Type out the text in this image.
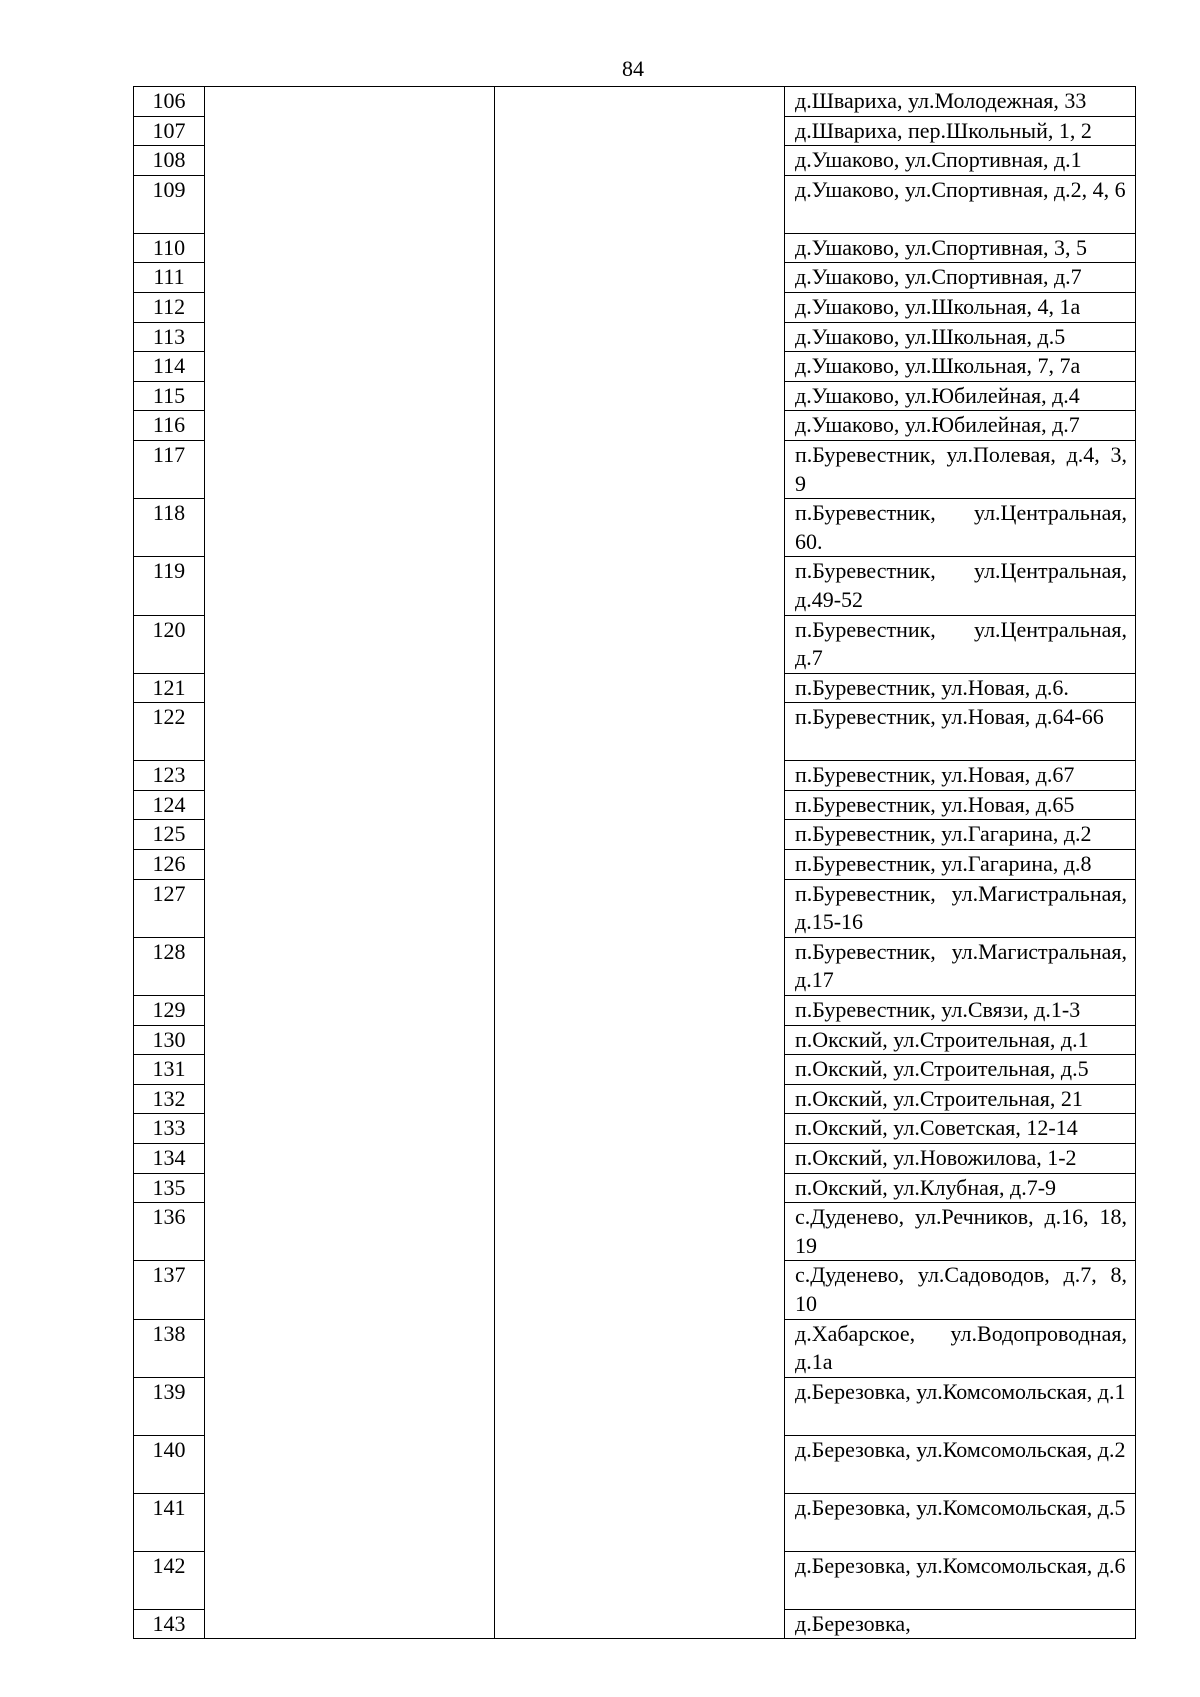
84
106			д.Швариха, ул.Молодежная, 33
107			д.Швариха, пер.Школьный, 1, 2
108			д.Ушаково, ул.Спортивная, д.1
109			д.Ушаково, ул.Спортивная, д.2, 4, 6
110			д.Ушаково, ул.Спортивная, 3, 5
111			д.Ушаково, ул.Спортивная, д.7
112			д.Ушаково, ул.Школьная, 4, 1а
113			д.Ушаково, ул.Школьная, д.5
114			д.Ушаково, ул.Школьная, 7, 7а
115			д.Ушаково, ул.Юбилейная, д.4
116			д.Ушаково, ул.Юбилейная, д.7
117			п.Буревестник, ул.Полевая, д.4, 3, 9
118			п.Буревестник, ул.Центральная, 60.
119			п.Буревестник, ул.Центральная, д.49-52
120			п.Буревестник, ул.Центральная, д.7
121			п.Буревестник, ул.Новая, д.6.
122			п.Буревестник, ул.Новая, д.64-66
123			п.Буревестник, ул.Новая, д.67
124			п.Буревестник, ул.Новая, д.65
125			п.Буревестник, ул.Гагарина, д.2
126			п.Буревестник, ул.Гагарина, д.8
127			п.Буревестник, ул.Магистральная, д.15-16
128			п.Буревестник, ул.Магистральная, д.17
129			п.Буревестник, ул.Связи, д.1-3
130			п.Окский, ул.Строительная, д.1
131			п.Окский, ул.Строительная, д.5
132			п.Окский, ул.Строительная, 21
133			п.Окский, ул.Советская, 12-14
134			п.Окский, ул.Новожилова, 1-2
135			п.Окский, ул.Клубная, д.7-9
136			с.Дуденево, ул.Речников, д.16, 18, 19
137			с.Дуденево, ул.Садоводов, д.7, 8, 10
138			д.Хабарское, ул.Водопроводная, д.1а
139			д.Березовка, ул.Комсомольская, д.1
140			д.Березовка, ул.Комсомольская, д.2
141			д.Березовка, ул.Комсомольская, д.5
142			д.Березовка, ул.Комсомольская, д.6
143			д.Березовка,
